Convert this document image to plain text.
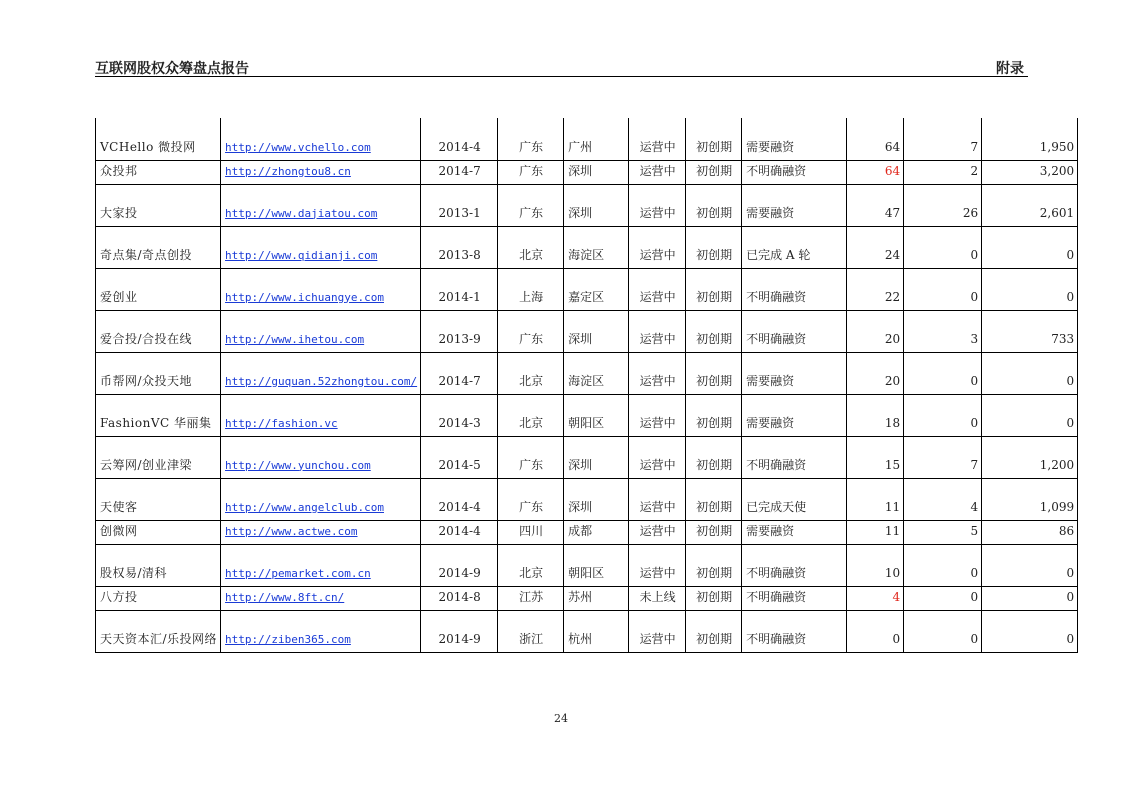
互联网股权众筹盘点报告	附录
VCHello 微投网	http://www.vchello.com	2014-4	广东	广州	运营中	初创期	需要融资	64	7	1,950
众投邦	http://zhongtou8.cn	2014-7	广东	深圳	运营中	初创期	不明确融资	64	2	3,200
大家投	http://www.dajiatou.com	2013-1	广东	深圳	运营中	初创期	需要融资	47	26	2,601
奇点集/奇点创投	http://www.qidianji.com	2013-8	北京	海淀区	运营中	初创期	已完成 A 轮	24	0	0
爱创业	http://www.ichuangye.com	2014-1	上海	嘉定区	运营中	初创期	不明确融资	22	0	0
爱合投/合投在线	http://www.ihetou.com	2013-9	广东	深圳	运营中	初创期	不明确融资	20	3	733
币帮网/众投天地	http://guquan.52zhongtou.com/	2014-7	北京	海淀区	运营中	初创期	需要融资	20	0	0
FashionVC 华丽集	http://fashion.vc	2014-3	北京	朝阳区	运营中	初创期	需要融资	18	0	0
云筹网/创业津梁	http://www.yunchou.com	2014-5	广东	深圳	运营中	初创期	不明确融资	15	7	1,200
天使客	http://www.angelclub.com	2014-4	广东	深圳	运营中	初创期	已完成天使	11	4	1,099
创微网	http://www.actwe.com	2014-4	四川	成都	运营中	初创期	需要融资	11	5	86
股权易/清科	http://pemarket.com.cn	2014-9	北京	朝阳区	运营中	初创期	不明确融资	10	0	0
八方投	http://www.8ft.cn/	2014-8	江苏	苏州	未上线	初创期	不明确融资	4	0	0
天天资本汇/乐投网络	http://ziben365.com	2014-9	浙江	杭州	运营中	初创期	不明确融资	0	0	0
24
